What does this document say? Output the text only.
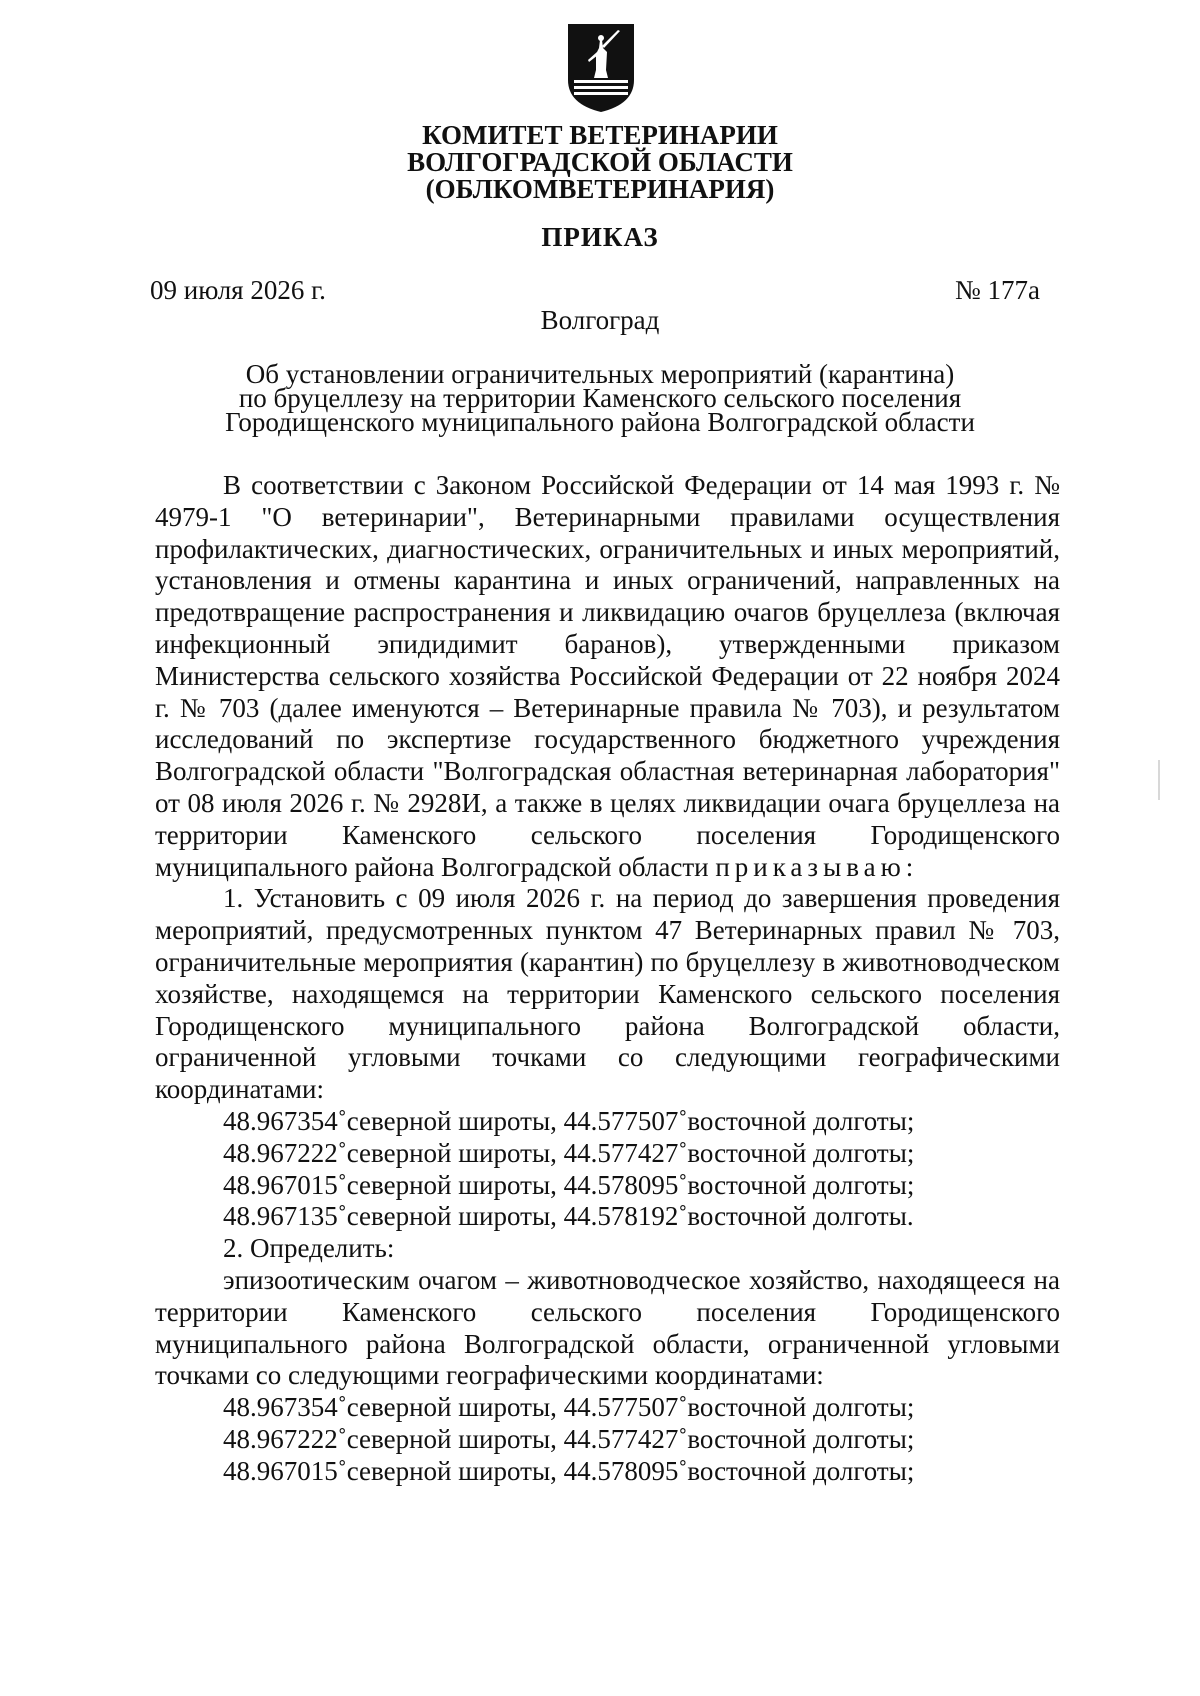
КОМИТЕТ ВЕТЕРИНАРИИ
ВОЛГОГРАДСКОЙ ОБЛАСТИ
(ОБЛКОМВЕТЕРИНАРИЯ)
ПРИКАЗ
09 июля 2026 г.	№ 177а
Волгоград
Об установлении ограничительных мероприятий (карантина)
по бруцеллезу на территории Каменского сельского поселения
Городищенского муниципального района Волгоградской области

В соответствии с Законом Российской Федерации от 14 мая 1993 г. № 4979-1 "О ветеринарии", Ветеринарными правилами осуществления профилактических, диагностических, ограничительных и иных мероприятий, установления и отмены карантина и иных ограничений, направленных на предотвращение распространения и ликвидацию очагов бруцеллеза (включая инфекционный эпидидимит баранов), утвержденными приказом Министерства сельского хозяйства Российской Федерации от 22 ноября 2024 г. № 703 (далее именуются – Ветеринарные правила № 703), и результатом исследований по экспертизе государственного бюджетного учреждения Волгоградской области "Волгоградская областная ветеринарная лаборатория" от 08 июля 2026 г. № 2928И, а также в целях ликвидации очага бруцеллеза на территории Каменского сельского поселения Городищенского муниципального района Волгоградской области приказываю:

1. Установить с 09 июля 2026 г. на период до завершения проведения мероприятий, предусмотренных пунктом 47 Ветеринарных правил № 703, ограничительные мероприятия (карантин) по бруцеллезу в животноводческом хозяйстве, находящемся на территории Каменского сельского поселения Городищенского муниципального района Волгоградской области, ограниченной угловыми точками со следующими географическими координатами:

48.967354˚северной широты, 44.577507˚восточной долготы;
48.967222˚северной широты, 44.577427˚восточной долготы;
48.967015˚северной широты, 44.578095˚восточной долготы;
48.967135˚северной широты, 44.578192˚восточной долготы.

2. Определить:

эпизоотическим очагом – животноводческое хозяйство, находящееся на территории Каменского сельского поселения Городищенского муниципального района Волгоградской области, ограниченной угловыми точками со следующими географическими координатами:

48.967354˚северной широты, 44.577507˚восточной долготы;
48.967222˚северной широты, 44.577427˚восточной долготы;
48.967015˚северной широты, 44.578095˚восточной долготы;
